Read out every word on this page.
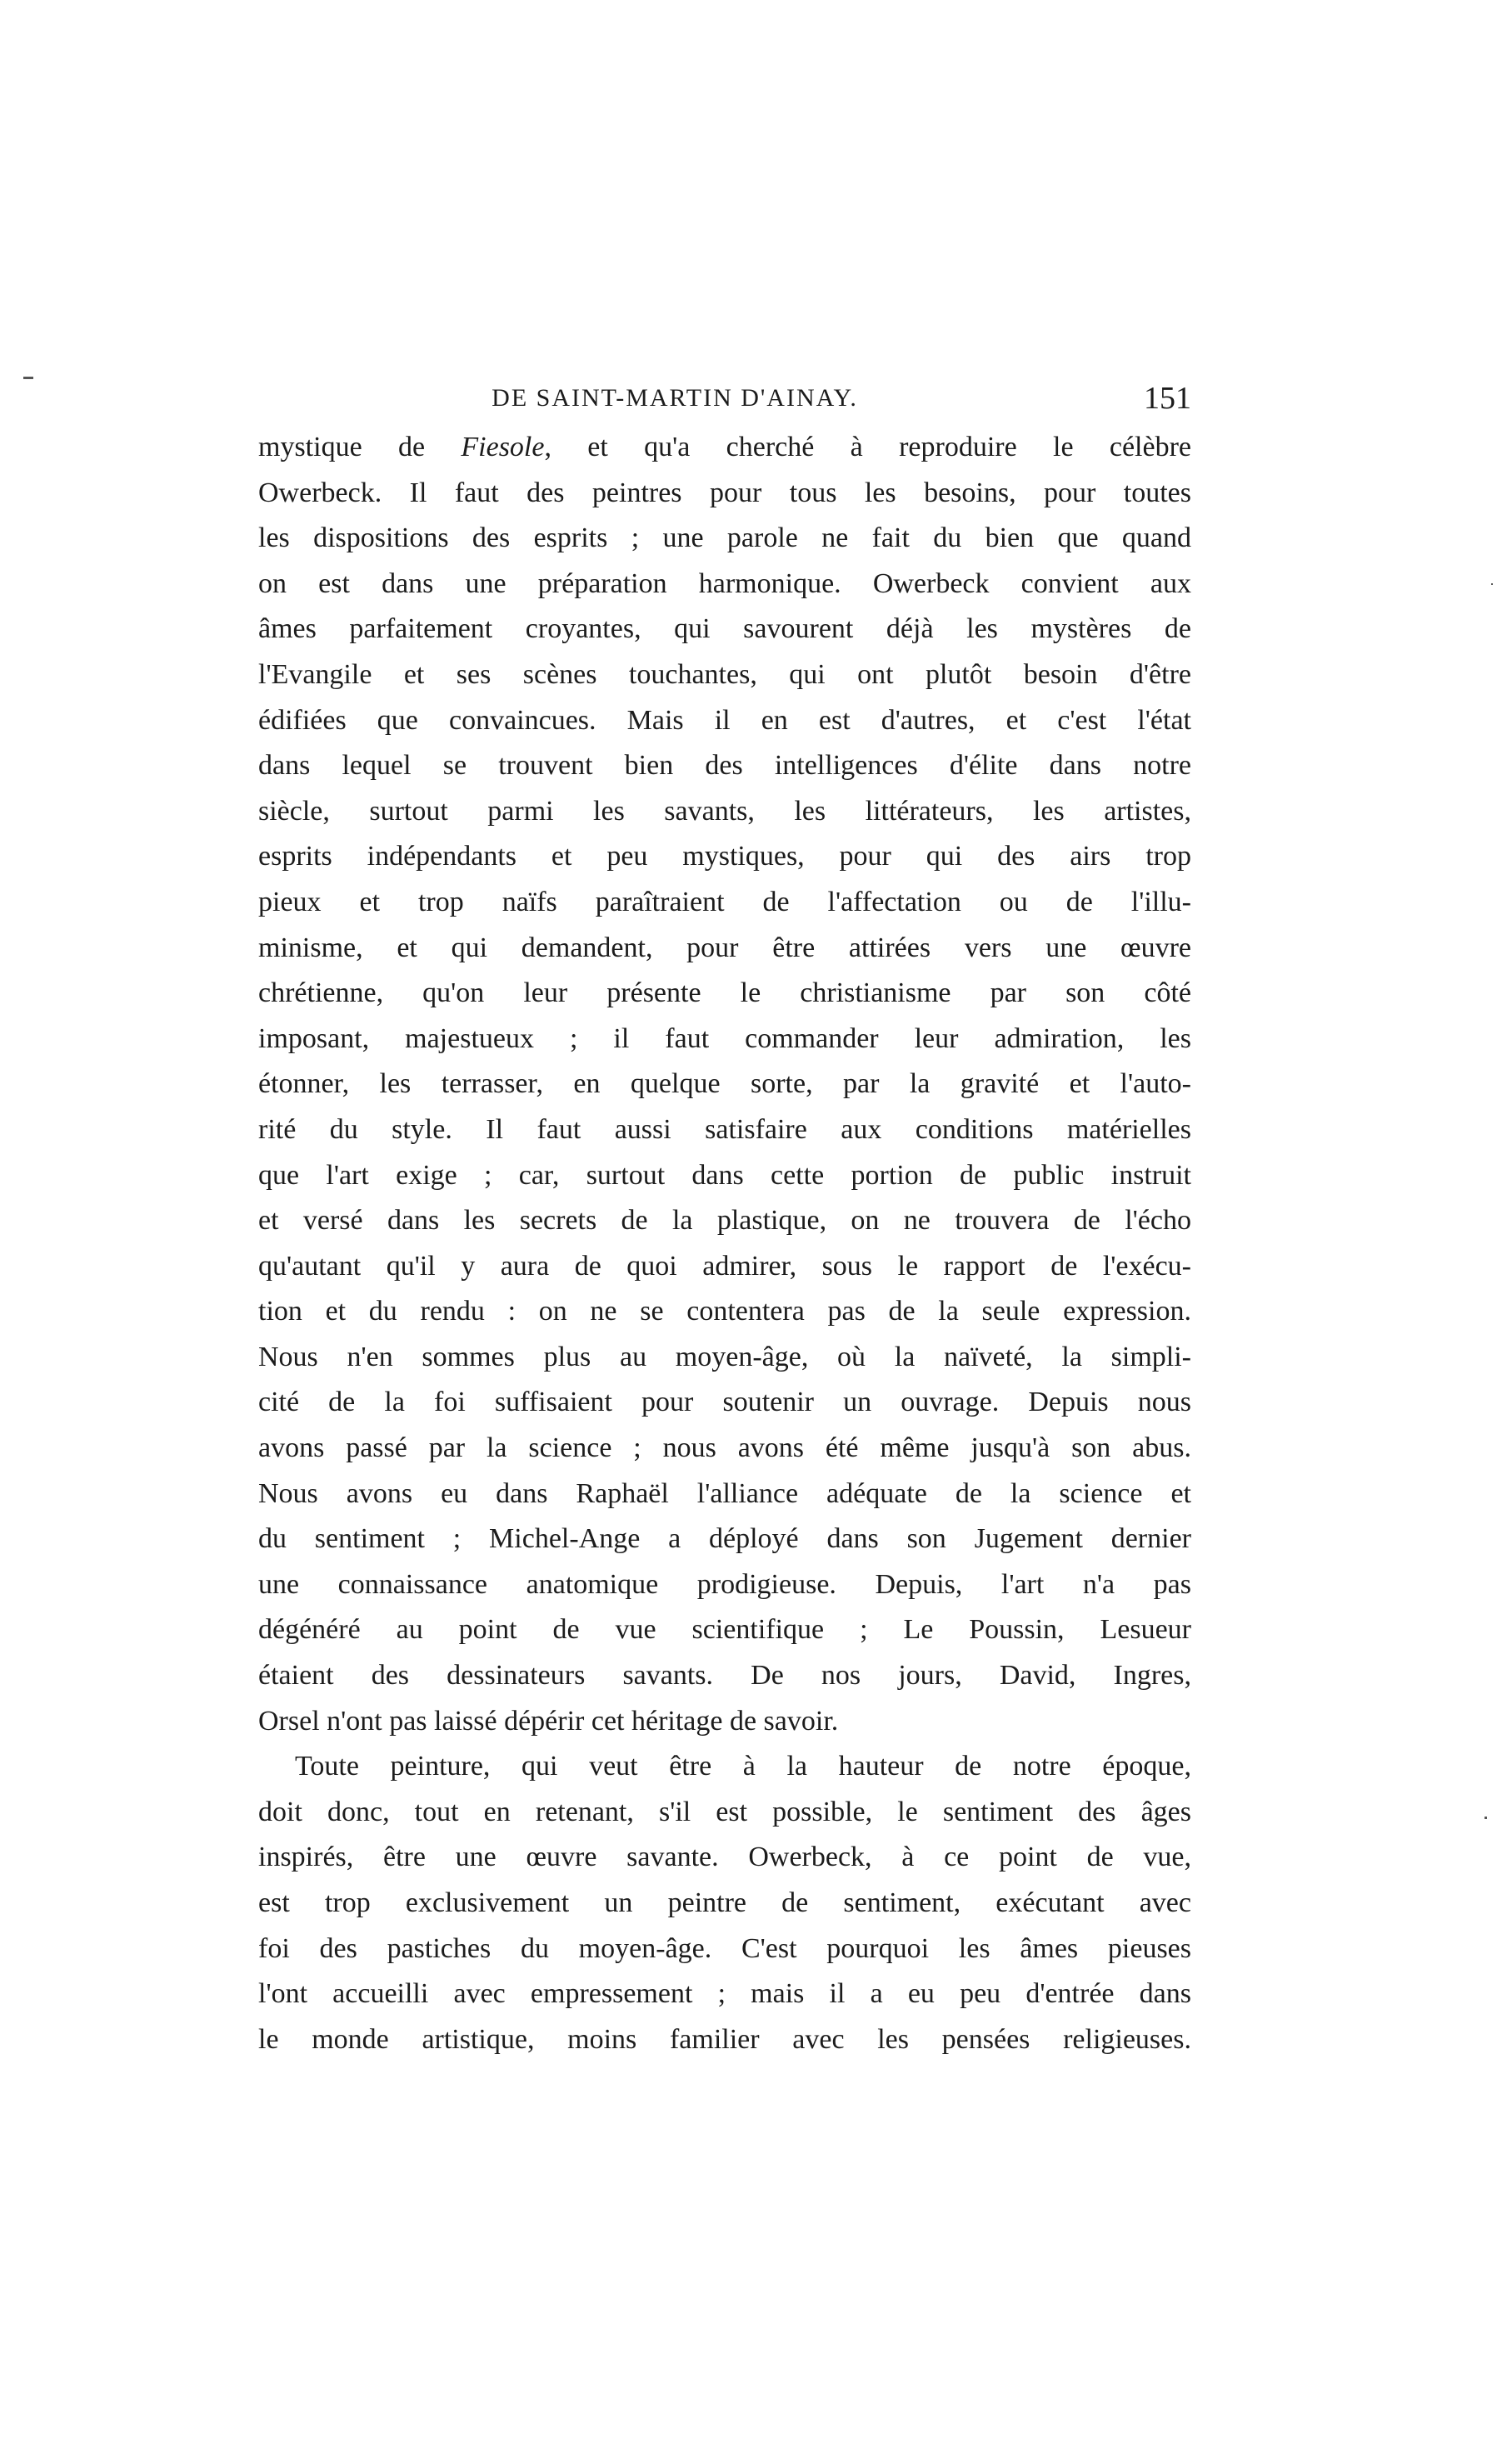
DE SAINT-MARTIN D'AINAY.	151
mystique de Fiesole, et qu'a cherché à reproduire le célèbre
Owerbeck. Il faut des peintres pour tous les besoins, pour toutes
les dispositions des esprits ; une parole ne fait du bien que quand
on est dans une préparation harmonique. Owerbeck convient aux
âmes parfaitement croyantes, qui savourent déjà les mystères de
l'Evangile et ses scènes touchantes, qui ont plutôt besoin d'être
édifiées que convaincues. Mais il en est d'autres, et c'est l'état
dans lequel se trouvent bien des intelligences d'élite dans notre
siècle, surtout parmi les savants, les littérateurs, les artistes,
esprits indépendants et peu mystiques, pour qui des airs trop
pieux et trop naïfs paraîtraient de l'affectation ou de l'illu-
minisme, et qui demandent, pour être attirées vers une œuvre
chrétienne, qu'on leur présente le christianisme par son côté
imposant, majestueux ; il faut commander leur admiration, les
étonner, les terrasser, en quelque sorte, par la gravité et l'auto-
rité du style. Il faut aussi satisfaire aux conditions matérielles
que l'art exige ; car, surtout dans cette portion de public instruit
et versé dans les secrets de la plastique, on ne trouvera de l'écho
qu'autant qu'il y aura de quoi admirer, sous le rapport de l'exécu-
tion et du rendu : on ne se contentera pas de la seule expression.
Nous n'en sommes plus au moyen-âge, où la naïveté, la simpli-
cité de la foi suffisaient pour soutenir un ouvrage. Depuis nous
avons passé par la science ; nous avons été même jusqu'à son abus.
Nous avons eu dans Raphaël l'alliance adéquate de la science et
du sentiment ; Michel-Ange a déployé dans son Jugement dernier
une connaissance anatomique prodigieuse. Depuis, l'art n'a pas
dégénéré au point de vue scientifique ; Le Poussin, Lesueur
étaient des dessinateurs savants. De nos jours, David, Ingres,
Orsel n'ont pas laissé dépérir cet héritage de savoir.
Toute peinture, qui veut être à la hauteur de notre époque,
doit donc, tout en retenant, s'il est possible, le sentiment des âges
inspirés, être une œuvre savante. Owerbeck, à ce point de vue,
est trop exclusivement un peintre de sentiment, exécutant avec
foi des pastiches du moyen-âge. C'est pourquoi les âmes pieuses
l'ont accueilli avec empressement ; mais il a eu peu d'entrée dans
le monde artistique, moins familier avec les pensées religieuses.
